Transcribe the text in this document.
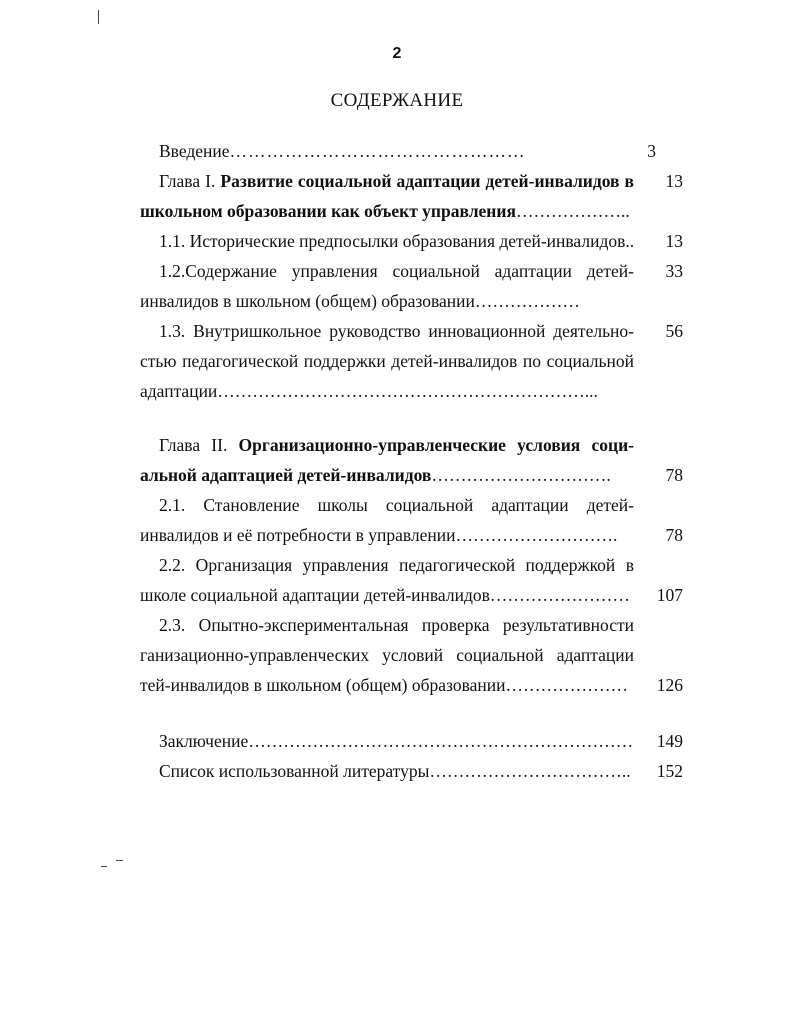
2
СОДЕРЖАНИЕ
Введение…………………………………………	3
Глава I. Развитие социальной адаптации детей-инвалидов в	13
школьном образовании как объект управления………………..
1.1. Исторические предпосылки образования детей-инвалидов..	13
1.2.Содержание управления социальной адаптации детей-	33
инвалидов в школьном (общем) образовании………………
1.3. Внутришкольное руководство инновационной деятельно-	56
стью педагогической поддержки детей-инвалидов по социальной
адаптации………………………………………………………...
Глава II. Организационно-управленческие условия соци-
альной адаптацией детей-инвалидов………………………….	78
2.1. Становление школы социальной адаптации детей-
инвалидов и её потребности в управлении……………………….	78
2.2. Организация управления педагогической поддержкой в
школе социальной адаптации детей-инвалидов……………………	107
2.3. Опытно-экспериментальная проверка результативности
ганизационно-управленческих условий социальной адаптации
тей-инвалидов в школьном (общем) образовании…………………	126
Заключение…………………………………………………………	149
Список использованной литературы……………………………..	152
